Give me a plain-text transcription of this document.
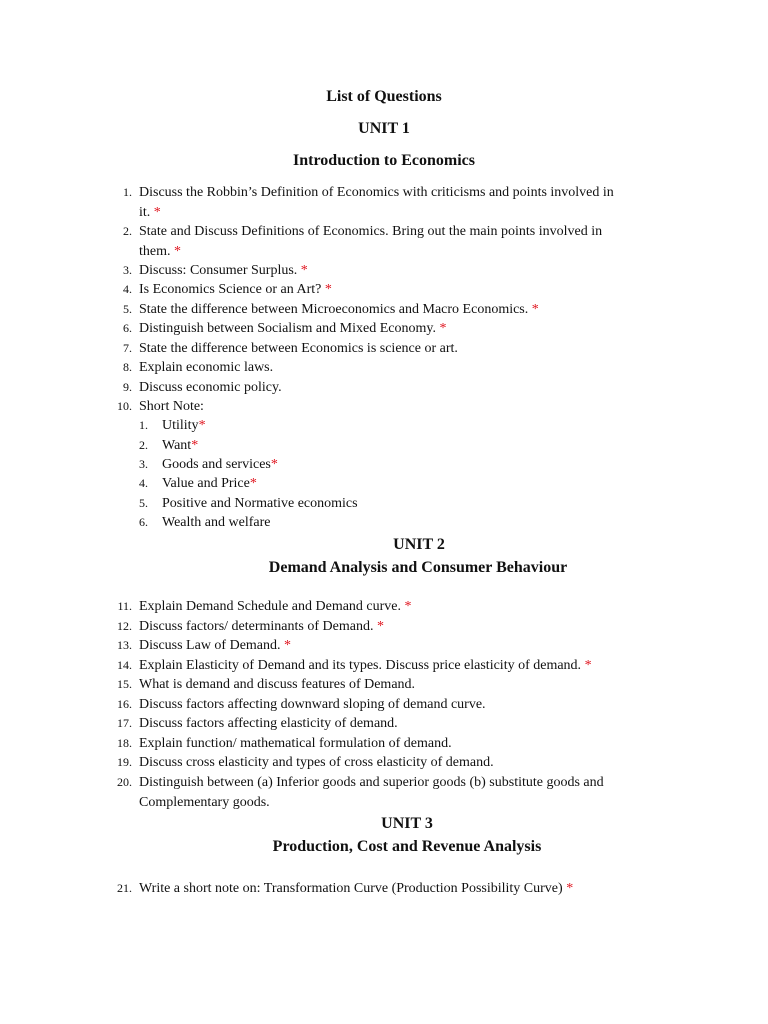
List of Questions
UNIT 1
Introduction to Economics
1. Discuss the Robbin’s Definition of Economics with criticisms and points involved in
it. *
2. State and Discuss Definitions of Economics. Bring out the main points involved in
them. *
3. Discuss: Consumer Surplus. *
4. Is Economics Science or an Art? *
5. State the difference between Microeconomics and Macro Economics. *
6. Distinguish between Socialism and Mixed Economy. *
7. State the difference between Economics is science or art.
8. Explain economic laws.
9. Discuss economic policy.
10. Short Note:
1. Utility*
2. Want*
3. Goods and services*
4. Value and Price*
5. Positive and Normative economics
6. Wealth and welfare
UNIT 2
Demand Analysis and Consumer Behaviour
11. Explain Demand Schedule and Demand curve. *
12. Discuss factors/ determinants of Demand. *
13. Discuss Law of Demand. *
14. Explain Elasticity of Demand and its types. Discuss price elasticity of demand. *
15. What is demand and discuss features of Demand.
16. Discuss factors affecting downward sloping of demand curve.
17. Discuss factors affecting elasticity of demand.
18. Explain function/ mathematical formulation of demand.
19. Discuss cross elasticity and types of cross elasticity of demand.
20. Distinguish between (a) Inferior goods and superior goods (b) substitute goods and
Complementary goods.
UNIT 3
Production, Cost and Revenue Analysis
21. Write a short note on: Transformation Curve (Production Possibility Curve) *
